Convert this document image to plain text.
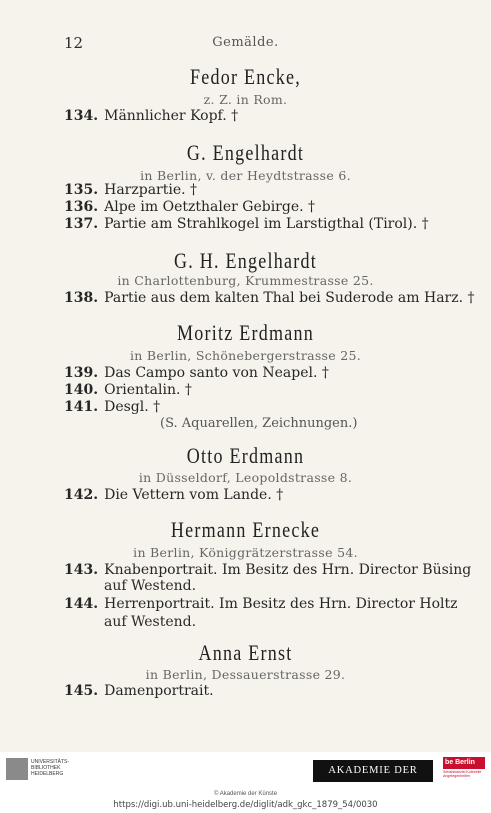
12	Gemälde.
Fedor Encke,
z. Z. in Rom.
134. Männlicher Kopf. †
G. Engelhardt
in Berlin, v. der Heydtstrasse 6.
135. Harzpartie. †
136. Alpe im Oetzthaler Gebirge. †
137. Partie am Strahlkogel im Larstigthal (Tirol). †
G. H. Engelhardt
in Charlottenburg, Krummestrasse 25.
138. Partie aus dem kalten Thal bei Suderode am Harz. †
Moritz Erdmann
in Berlin, Schönebergerstrasse 25.
139. Das Campo santo von Neapel. †
140. Orientalin. †
141. Desgl. †
(S. Aquarellen, Zeichnungen.)
Otto Erdmann
in Düsseldorf, Leopoldstrasse 8.
142. Die Vettern vom Lande. †
Hermann Ernecke
in Berlin, Königgrätzerstrasse 54.
143. Knabenportrait. Im Besitz des Hrn. Director Büsing
auf Westend.
144. Herrenportrait. Im Besitz des Hrn. Director Holtz
auf Westend.
Anna Ernst
in Berlin, Dessauerstrasse 29.
145. Damenportrait.
UNIVERSITÄTS-
BIBLIOTHEK
HEIDELBERG	AKADEMIE DER KÜNSTE
be Berlin
Senatskanzlei Kulturelle Angelegenheiten
© Akademie der Künste
https://digi.ub.uni-heidelberg.de/diglit/adk_gkc_1879_54/0030
